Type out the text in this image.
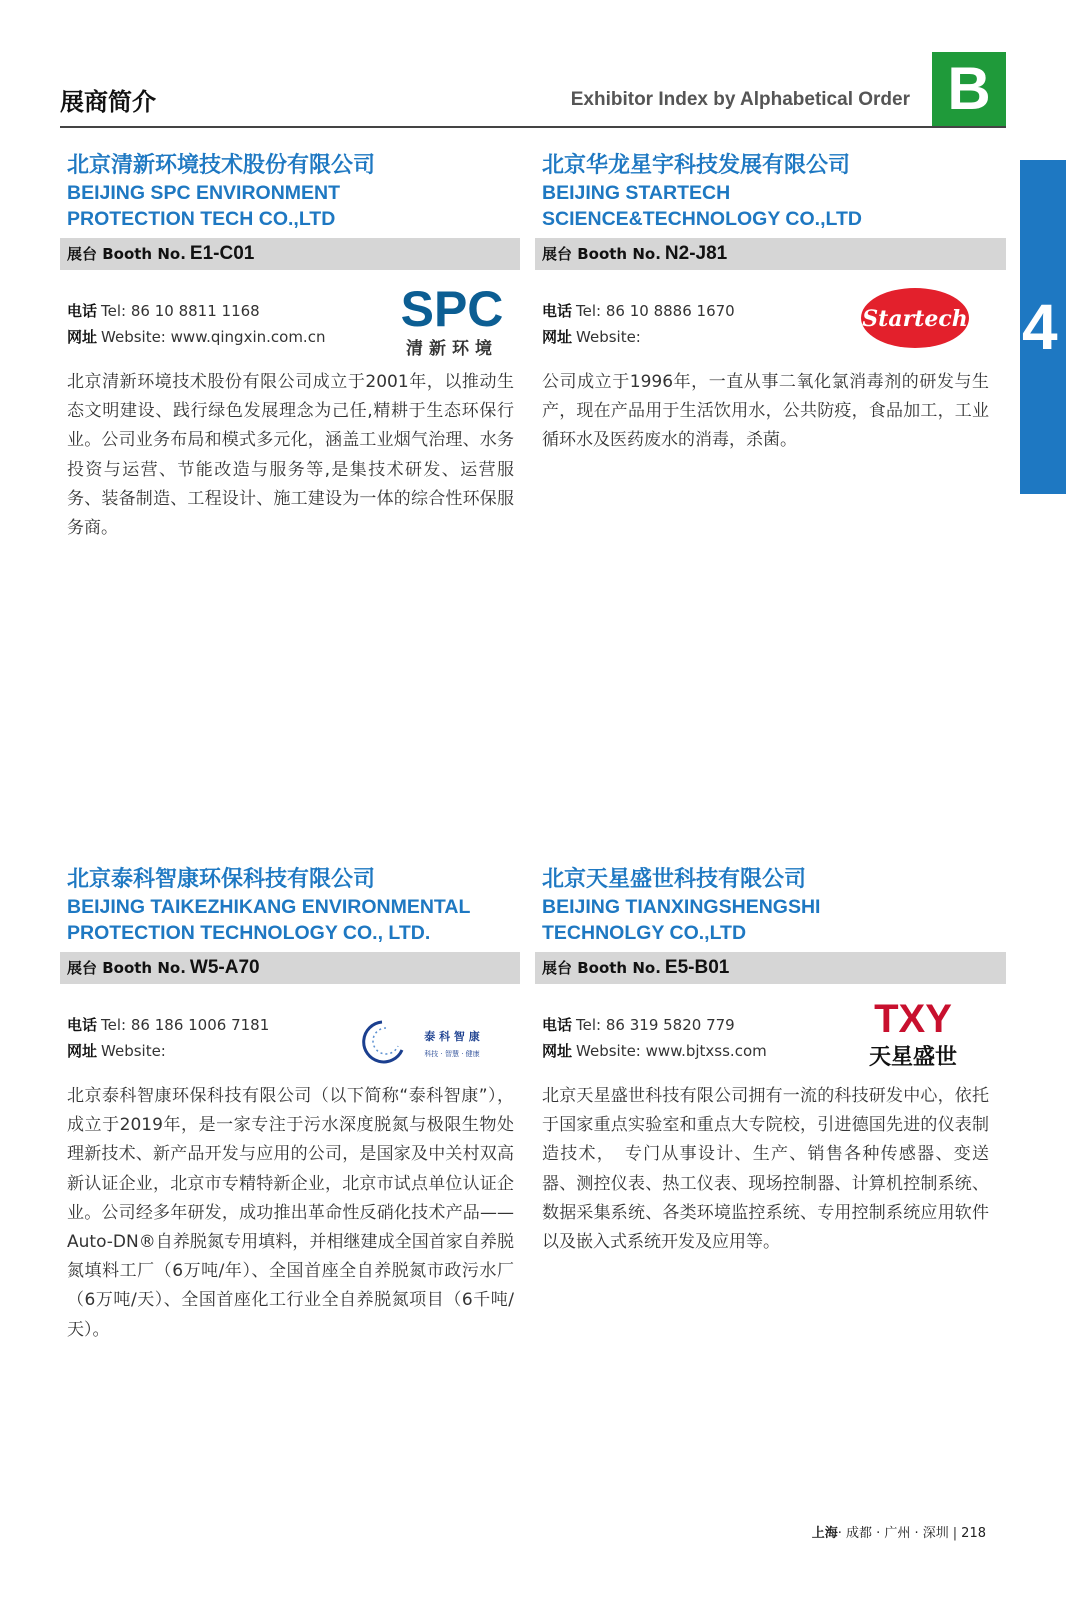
展商简介	Exhibitor Index by Alphabetical Order B
4
北京清新环境技术股份有限公司
BEIJING SPC ENVIRONMENT
PROTECTION TECH CO.,LTD
展台 Booth No. E1-C01
电话 Tel: 86 10 8811 1168
网址 Website: www.qingxin.com.cn SPC
清新环境
北京清新环境技术股份有限公司成立于2001年，以推动生态文明建设、践行绿色发展理念为己任,精耕于生态环保行业。公司业务布局和模式多元化，涵盖工业烟气治理、水务投资与运营、节能改造与服务等,是集技术研发、运营服务、装备制造、工程设计、施工建设为一体的综合性环保服务商。
北京华龙星宇科技发展有限公司
BEIJING STARTECH
SCIENCE&TECHNOLOGY CO.,LTD
展台 Booth No. N2-J81
电话 Tel: 86 10 8886 1670
网址 Website:
Startech
公司成立于1996年，一直从事二氧化氯消毒剂的研发与生产，现在产品用于生活饮用水，公共防疫，食品加工，工业循环水及医药废水的消毒，杀菌。
北京泰科智康环保科技有限公司
BEIJING TAIKEZHIKANG ENVIRONMENTAL
PROTECTION TECHNOLOGY CO., LTD.
展台 Booth No. W5-A70
电话 Tel: 86 186 1006 7181
网址 Website:
泰 科 智 康
科技 · 智慧 · 健康
北京泰科智康环保科技有限公司（以下简称“泰科智康”），成立于2019年，是一家专注于污水深度脱氮与极限生物处理新技术、新产品开发与应用的公司，是国家及中关村双高新认证企业，北京市专精特新企业，北京市试点单位认证企业。公司经多年研发，成功推出革命性反硝化技术产品——Auto-DN®自养脱氮专用填料，并相继建成全国首家自养脱氮填料工厂（6万吨/年）、全国首座全自养脱氮市政污水厂（6万吨/天）、全国首座化工行业全自养脱氮项目（6千吨/天）。
北京天星盛世科技有限公司
BEIJING TIANXINGSHENGSHI
TECHNOLGY CO.,LTD
展台 Booth No. E5-B01
电话 Tel: 86 319 5820 779
网址 Website: www.bjtxss.com
TXY
天星盛世
北京天星盛世科技有限公司拥有一流的科技研发中心，依托于国家重点实验室和重点大专院校，引进德国先进的仪表制造技术，　专门从事设计、生产、销售各种传感器、变送器、测控仪表、热工仪表、现场控制器、计算机控制系统、数据采集系统、各类环境监控系统、专用控制系统应用软件以及嵌入式系统开发及应用等。
上海· 成都 · 广州 · 深圳 | 218
